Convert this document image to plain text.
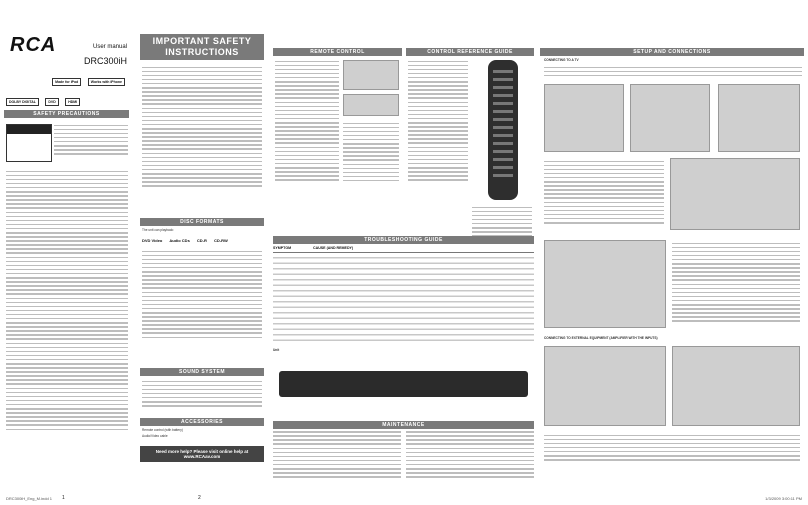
RCA	User manual
DRC300iH
Made for iPod	Works with iPhone
DOLBY DIGITAL	DVD	HDMI
SAFETY PRECAUTIONS
1
IMPORTANT SAFETY INSTRUCTIONS
DISC FORMATS
The unit can playback:
DVD Video Audio CDs CD-R CD-RW
SOUND SYSTEM
ACCESSORIES
Remote control (with battery)
Audio/Video cable
Need more help? Please visit online help at www.RCAav.com
2
REMOTE CONTROL	CONTROL REFERENCE GUIDE
TROUBLESHOOTING GUIDE
SYMPTOM	CAUSE (AND REMEDY)
Unit
MAINTENANCE
SETUP AND CONNECTIONS
CONNECTING TO A TV
CONNECTING TO EXTERNAL EQUIPMENT (AMPLIFIER WITH THE INPUTS)
DRC300iH_Eng_M.indd 1	1/3/2009 3:00:11 PM
